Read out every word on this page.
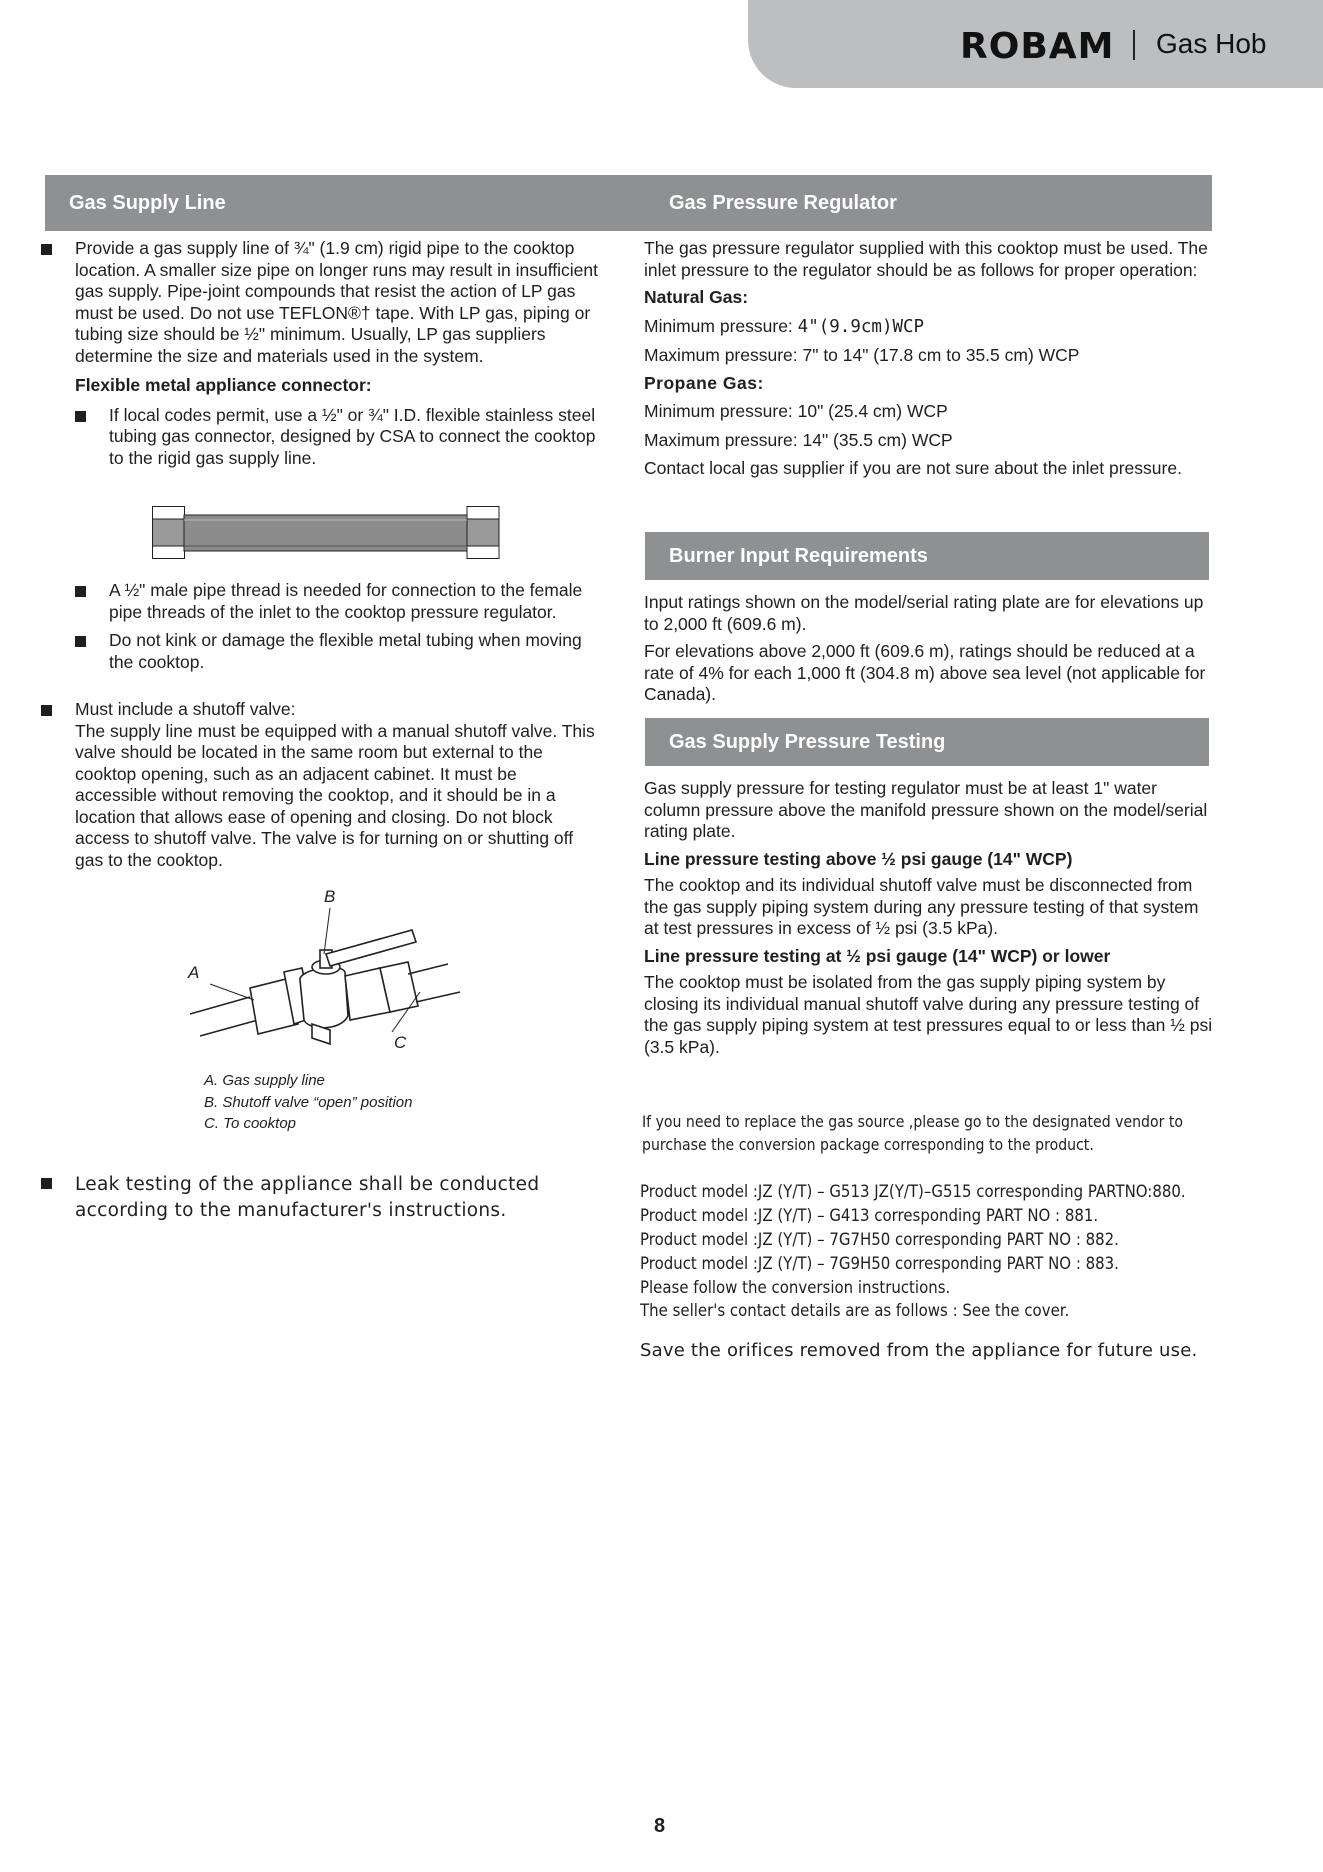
ROBAM Gas Hob
Gas Supply Line	Gas Pressure Regulator
Burner Input Requirements
Gas Supply Pressure Testing

Provide a gas supply line of ¾" (1.9 cm) rigid pipe to the cooktop location. A smaller size pipe on longer runs may result in insufficient gas supply. Pipe-joint compounds that resist the action of LP gas must be used. Do not use TEFLON®† tape. With LP gas, piping or tubing size should be ½" minimum. Usually, LP gas suppliers determine the size and materials used in the system.

Flexible metal appliance connector:

If local codes permit, use a ½" or ¾" I.D. flexible stainless steel tubing gas connector, designed by CSA to connect the cooktop to the rigid gas supply line.

A ½" male pipe thread is needed for connection to the female pipe threads of the inlet to the cooktop pressure regulator.

Do not kink or damage the flexible metal tubing when moving the cooktop.

Must include a shutoff valve:

The supply line must be equipped with a manual shutoff valve. This valve should be located in the same room but external to the cooktop opening, such as an adjacent cabinet. It must be accessible without removing the cooktop, and it should be in a location that allows ease of opening and closing. Do not block access to shutoff valve. The valve is for turning on or shutting off gas to the cooktop.

B
A
C

A. Gas supply line

B. Shutoff valve “open” position

C. To cooktop

Leak testing of the appliance shall be conducted according to the manufacturer's instructions.

The gas pressure regulator supplied with this cooktop must be used. The inlet pressure to the regulator should be as follows for proper operation:

Natural Gas:

Minimum pressure: 4"(9.9cm)WCP

Maximum pressure: 7" to 14" (17.8 cm to 35.5 cm) WCP

Propane Gas:

Minimum pressure: 10" (25.4 cm) WCP

Maximum pressure: 14" (35.5 cm) WCP

Contact local gas supplier if you are not sure about the inlet pressure.

Input ratings shown on the model/serial rating plate are for elevations up to 2,000 ft (609.6 m).

For elevations above 2,000 ft (609.6 m), ratings should be reduced at a rate of 4% for each 1,000 ft (304.8 m) above sea level (not applicable for Canada).

Gas supply pressure for testing regulator must be at least 1" water column pressure above the manifold pressure shown on the model/serial rating plate.

Line pressure testing above ½ psi gauge (14" WCP)

The cooktop and its individual shutoff valve must be disconnected from the gas supply piping system during any pressure testing of that system at test pressures in excess of ½ psi (3.5 kPa).

Line pressure testing at ½ psi gauge (14" WCP) or lower

The cooktop must be isolated from the gas supply piping system by closing its individual manual shutoff valve during any pressure testing of the gas supply piping system at test pressures equal to or less than ½ psi (3.5 kPa).

If you need to replace the gas source ,please go to the designated vendor to purchase the conversion package corresponding to the product.

Product model :JZ (Y/T) – G513 JZ(Y/T)–G515 corresponding PARTNO:880.

Product model :JZ (Y/T) – G413 corresponding PART NO : 881.

Product model :JZ (Y/T) – 7G7H50 corresponding PART NO : 882.

Product model :JZ (Y/T) – 7G9H50 corresponding PART NO : 883.

Please follow the conversion instructions.

The seller's contact details are as follows : See the cover.

Save the orifices removed from the appliance for future use.

8
